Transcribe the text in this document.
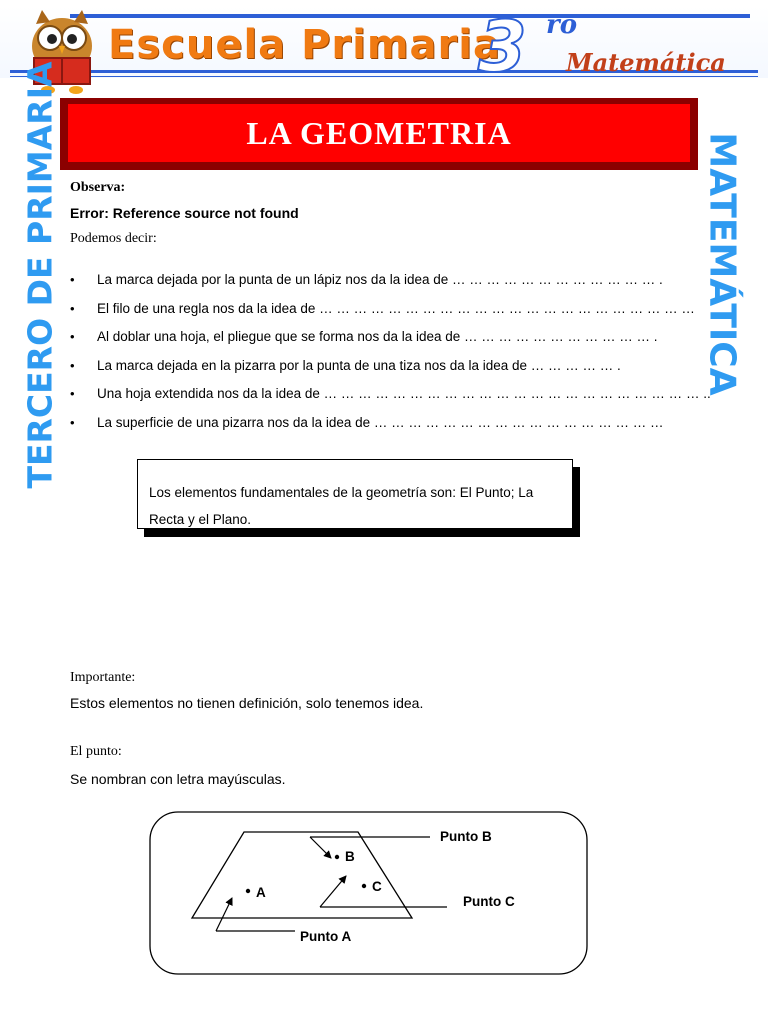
Escuela Primaria
3 ro
Matemática
TERCERO DE PRIMARIA	MATEMÁTICA
LA GEOMETRIA
Observa:
Error: Reference source not found
Podemos decir:
• La marca dejada por la punta de un lápiz nos da la idea de … … … … … … … … … … … … .
• El filo de una regla nos da la idea de … … … … … … … … … … … … … … … … … … … … … …
• Al doblar una hoja, el pliegue que se forma nos da la idea de … … … … … … … … … … … .
• La marca dejada en la pizarra por la punta de una tiza nos da la idea de … … … … … .
• Una hoja extendida nos da la idea de … … … … … … … … … … … … … … … … … … … … … … ..
• La superficie de una pizarra nos da la idea de … … … … … … … … … … … … … … … … …
Los elementos fundamentales de la geometría son: El Punto; La Recta y el Plano.
Importante:
Estos elementos no tienen definición, solo tenemos idea.
El punto:
Se nombran con letra mayúsculas.
B
A	C
Punto B
Punto C
Punto A
